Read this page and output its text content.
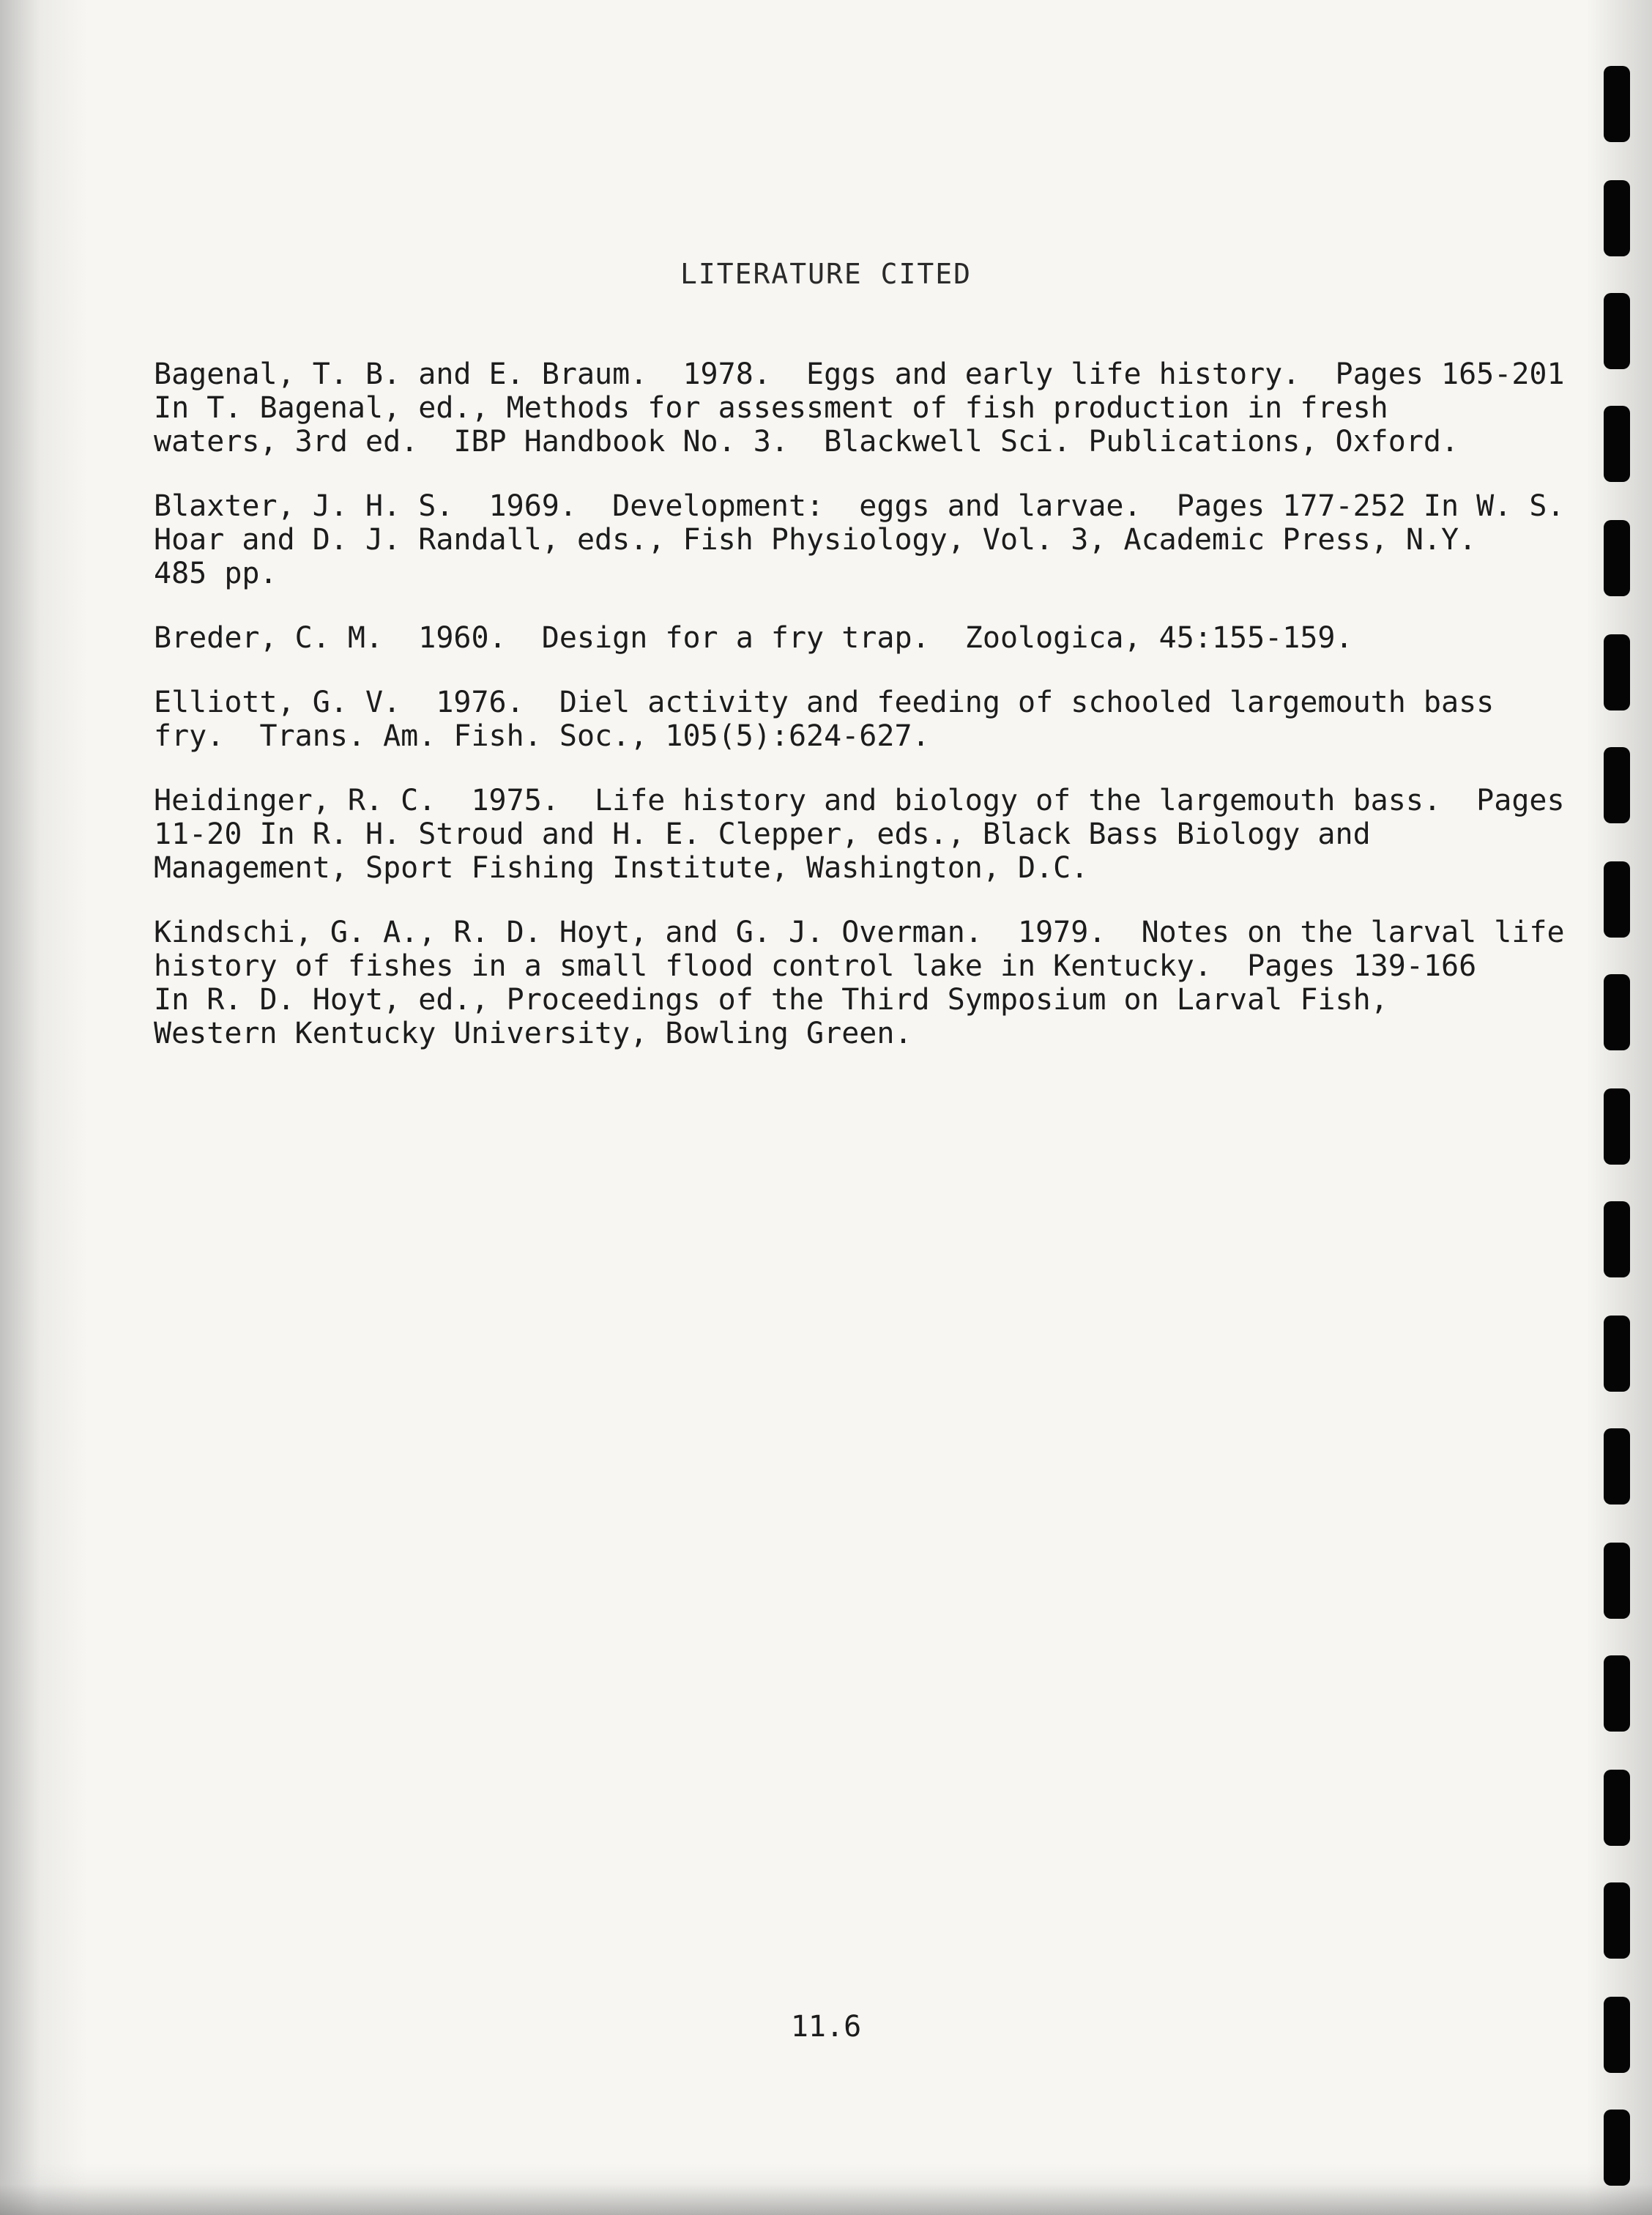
LITERATURE CITED
Bagenal, T. B. and E. Braum.  1978.  Eggs and early life history.  Pages 165-201
In T. Bagenal, ed., Methods for assessment of fish production in fresh
waters, 3rd ed.  IBP Handbook No. 3.  Blackwell Sci. Publications, Oxford.
Blaxter, J. H. S.  1969.  Development:  eggs and larvae.  Pages 177-252 In W. S.
Hoar and D. J. Randall, eds., Fish Physiology, Vol. 3, Academic Press, N.Y.
485 pp.
Breder, C. M.  1960.  Design for a fry trap.  Zoologica, 45:155-159.
Elliott, G. V.  1976.  Diel activity and feeding of schooled largemouth bass
fry.  Trans. Am. Fish. Soc., 105(5):624-627.
Heidinger, R. C.  1975.  Life history and biology of the largemouth bass.  Pages
11-20 In R. H. Stroud and H. E. Clepper, eds., Black Bass Biology and
Management, Sport Fishing Institute, Washington, D.C.
Kindschi, G. A., R. D. Hoyt, and G. J. Overman.  1979.  Notes on the larval life
history of fishes in a small flood control lake in Kentucky.  Pages 139-166
In R. D. Hoyt, ed., Proceedings of the Third Symposium on Larval Fish,
Western Kentucky University, Bowling Green.
11.6
